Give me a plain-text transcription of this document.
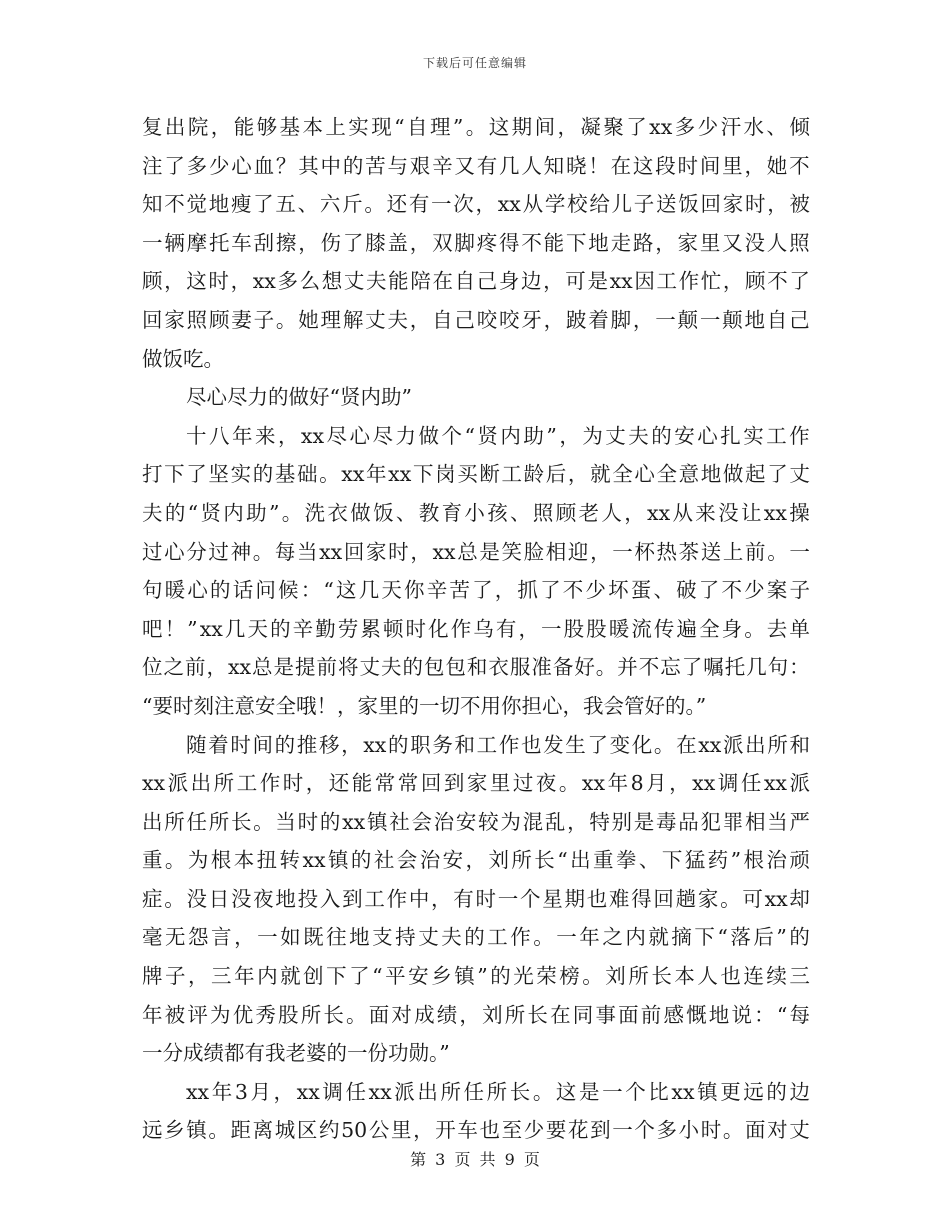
下载后可任意编辑
复 出 院 ， 能 够 基 本 上 实 现 “ 自 理 ” 。 这 期 间 ， 凝 聚 了 xx 多 少 汗 水 、 倾
注 了 多 少 心 血 ？ 其 中 的 苦 与 艰 辛 又 有 几 人 知 晓 ！ 在 这 段 时 间 里 ， 她 不
知 不 觉 地 瘦 了 五 、 六 斤 。 还 有 一 次 ， xx 从 学 校 给 儿 子 送 饭 回 家 时 ， 被
一 辆 摩 托 车 刮 擦 ， 伤 了 膝 盖 ， 双 脚 疼 得 不 能 下 地 走 路 ， 家 里 又 没 人 照
顾 ， 这 时 ， xx 多 么 想 丈 夫 能 陪 在 自 己 身 边 ， 可 是 xx 因 工 作 忙 ， 顾 不 了
回 家 照 顾 妻 子 。 她 理 解 丈 夫 ， 自 己 咬 咬 牙 ， 跛 着 脚 ， 一 颠 一 颠 地 自 己
做饭吃。
尽心尽力的做好“贤内助”
十 八 年 来 ， xx 尽 心 尽 力 做 个 “ 贤 内 助 ” ， 为 丈 夫 的 安 心 扎 实 工 作
打 下 了 坚 实 的 基 础 。 xx 年 xx 下 岗 买 断 工 龄 后 ， 就 全 心 全 意 地 做 起 了 丈
夫 的 “ 贤 内 助 ” 。 洗 衣 做 饭 、 教 育 小 孩 、 照 顾 老 人 ， xx 从 来 没 让 xx 操
过 心 分 过 神 。 每 当 xx 回 家 时 ， xx 总 是 笑 脸 相 迎 ， 一 杯 热 茶 送 上 前 。 一
句 暖 心 的 话 问 候 ： “ 这 几 天 你 辛 苦 了 ， 抓 了 不 少 坏 蛋 、 破 了 不 少 案 子
吧 ！ ” xx 几 天 的 辛 勤 劳 累 顿 时 化 作 乌 有 ， 一 股 股 暖 流 传 遍 全 身 。 去 单
位 之 前 ， xx 总 是 提 前 将 丈 夫 的 包 包 和 衣 服 准 备 好 。 并 不 忘 了 嘱 托 几 句 ：
“要时刻注意安全哦！，家里的一切不用你担心，我会管好的。”
随 着 时 间 的 推 移 ， xx 的 职 务 和 工 作 也 发 生 了 变 化 。 在 xx 派 出 所 和
xx 派 出 所 工 作 时 ， 还 能 常 常 回 到 家 里 过 夜 。 xx 年 8 月 ， xx 调 任 xx 派
出 所 任 所 长 。 当 时 的 xx 镇 社 会 治 安 较 为 混 乱 ， 特 别 是 毒 品 犯 罪 相 当 严
重 。 为 根 本 扭 转 xx 镇 的 社 会 治 安 ， 刘 所 长 “ 出 重 拳 、 下 猛 药 ” 根 治 顽
症 。 没 日 没 夜 地 投 入 到 工 作 中 ， 有 时 一 个 星 期 也 难 得 回 趟 家 。 可 xx 却
毫 无 怨 言 ， 一 如 既 往 地 支 持 丈 夫 的 工 作 。 一 年 之 内 就 摘 下 “ 落 后 ” 的
牌 子 ， 三 年 内 就 创 下 了 “ 平 安 乡 镇 ” 的 光 荣 榜 。 刘 所 长 本 人 也 连 续 三
年 被 评 为 优 秀 股 所 长 。 面 对 成 绩 ， 刘 所 长 在 同 事 面 前 感 慨 地 说 ： “ 每
一分成绩都有我老婆的一份功勋。”
xx 年 3 月 ， xx 调 任 xx 派 出 所 任 所 长 。 这 是 一 个 比 xx 镇 更 远 的 边
远 乡 镇 。 距 离 城 区 约 50 公 里 ， 开 车 也 至 少 要 花 到 一 个 多 小 时 。 面 对 丈
第 3 页 共 9 页
